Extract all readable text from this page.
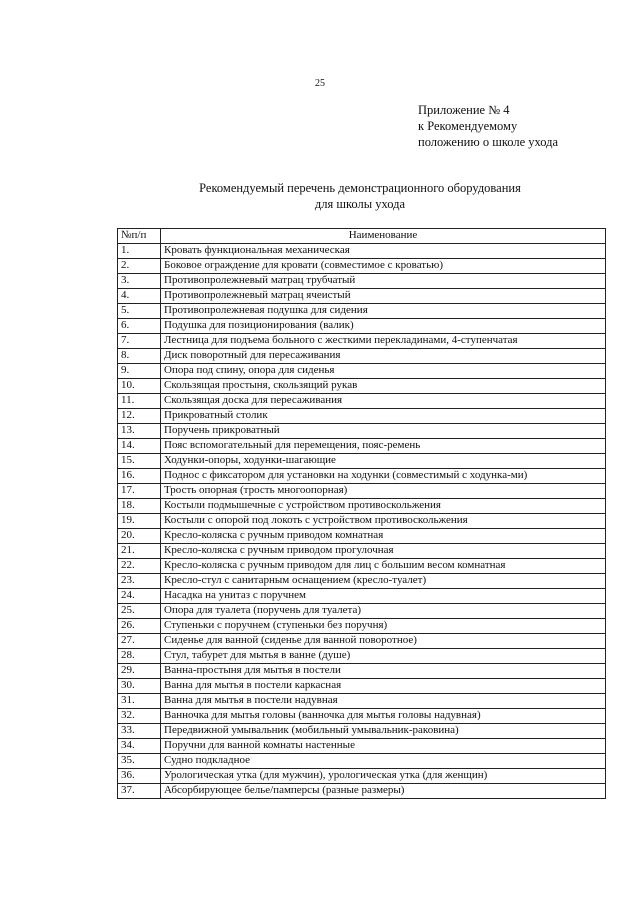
25
Приложение № 4
к Рекомендуемому
положению о школе ухода
Рекомендуемый перечень демонстрационного оборудования
для школы ухода
№п/п	Наименование
1.	Кровать функциональная механическая
2.	Боковое ограждение для кровати (совместимое с кроватью)
3.	Противопролежневый матрац трубчатый
4.	Противопролежневый матрац ячеистый
5.	Противопролежневая подушка для сидения
6.	Подушка для позиционирования (валик)
7.	Лестница для подъема больного с жесткими перекладинами, 4-ступенчатая
8.	Диск поворотный для пересаживания
9.	Опора под спину, опора для сиденья
10.	Скользящая простыня, скользящий рукав
11.	Скользящая доска для пересаживания
12.	Прикроватный столик
13.	Поручень прикроватный
14.	Пояс вспомогательный для перемещения, пояс-ремень
15.	Ходунки-опоры, ходунки-шагающие
16.	Поднос с фиксатором для установки на ходунки (совместимый с ходунка-ми)
17.	Трость опорная (трость многоопорная)
18.	Костыли подмышечные с устройством противоскольжения
19.	Костыли с опорой под локоть с устройством противоскольжения
20.	Кресло-коляска с ручным приводом комнатная
21.	Кресло-коляска с ручным приводом прогулочная
22.	Кресло-коляска с ручным приводом для лиц с большим весом комнатная
23.	Кресло-стул с санитарным оснащением (кресло-туалет)
24.	Насадка на унитаз с поручнем
25.	Опора для туалета (поручень для туалета)
26.	Ступеньки с поручнем (ступеньки без поручня)
27.	Сиденье для ванной (сиденье для ванной поворотное)
28.	Стул, табурет для мытья в ванне (душе)
29.	Ванна-простыня для мытья в постели
30.	Ванна для мытья в постели каркасная
31.	Ванна для мытья в постели надувная
32.	Ванночка для мытья головы (ванночка для мытья головы надувная)
33.	Передвижной умывальник (мобильный умывальник-раковина)
34.	Поручни для ванной комнаты настенные
35.	Судно подкладное
36.	Урологическая утка (для мужчин), урологическая утка (для женщин)
37.	Абсорбирующее белье/памперсы (разные размеры)
